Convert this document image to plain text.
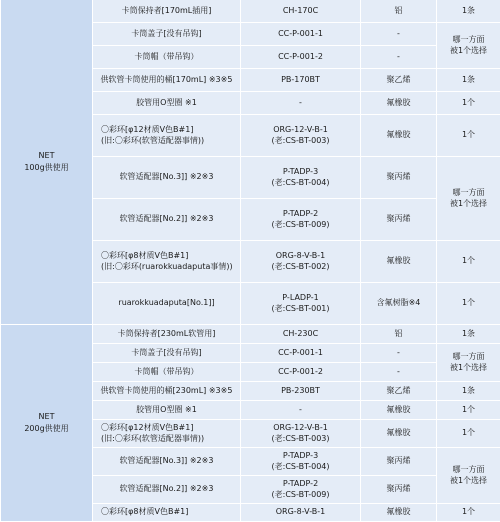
NET
100g供使用	卡筒保持者[170mL插用]	CH-170C	铝	1条

	卡筒盖子[没有吊钩]	CC-P-001-1	-	哪一方面
被1个选择

	卡筒帽（带吊钩）	CC-P-001-2	-	

	供软管卡筒使用的桶[170mL] ※3※5	PB-170BT	聚乙烯	1条

	胶管用O型圈 ※1	-	氟橡胶	1个

	〇彩环[φ12材质V色B#1]
(旧:〇彩环(软管适配器事情))	ORG-12-V-B-1
(老:CS-BT-003)	氟橡胶	1个

	软管适配器[No.3]] ※2※3	P-TADP-3
(老:CS-BT-004)	聚丙烯	哪一方面
被1个选择

	软管适配器[No.2]] ※2※3	P-TADP-2
(老:CS-BT-009)	聚丙烯	

	〇彩环[φ8材质V色B#1]
(旧:〇彩环(ruarokkuadaputa事情))	ORG-8-V-B-1
(老:CS-BT-002)	氟橡胶	1个

	ruarokkuadaputa[No.1]]	P-LADP-1
(老:CS-BT-001)	含氟树脂※4	1个

NET
200g供使用	卡筒保持者[230mL软管用]	CH-230C	铝	1条

	卡筒盖子[没有吊钩]	CC-P-001-1	-	哪一方面
被1个选择

	卡筒帽（带吊钩）	CC-P-001-2	-	

	供软管卡筒使用的桶[230mL] ※3※5	PB-230BT	聚乙烯	1条

	胶管用O型圈 ※1	-	氟橡胶	1个

	〇彩环[φ12材质V色B#1]
(旧:〇彩环(软管适配器事情))	ORG-12-V-B-1
(老:CS-BT-003)	氟橡胶	1个

	软管适配器[No.3]] ※2※3	P-TADP-3
(老:CS-BT-004)	聚丙烯	哪一方面
被1个选择

	软管适配器[No.2]] ※2※3	P-TADP-2
(老:CS-BT-009)	聚丙烯	

	〇彩环[φ8材质V色B#1]	ORG-8-V-B-1	氟橡胶	1个
